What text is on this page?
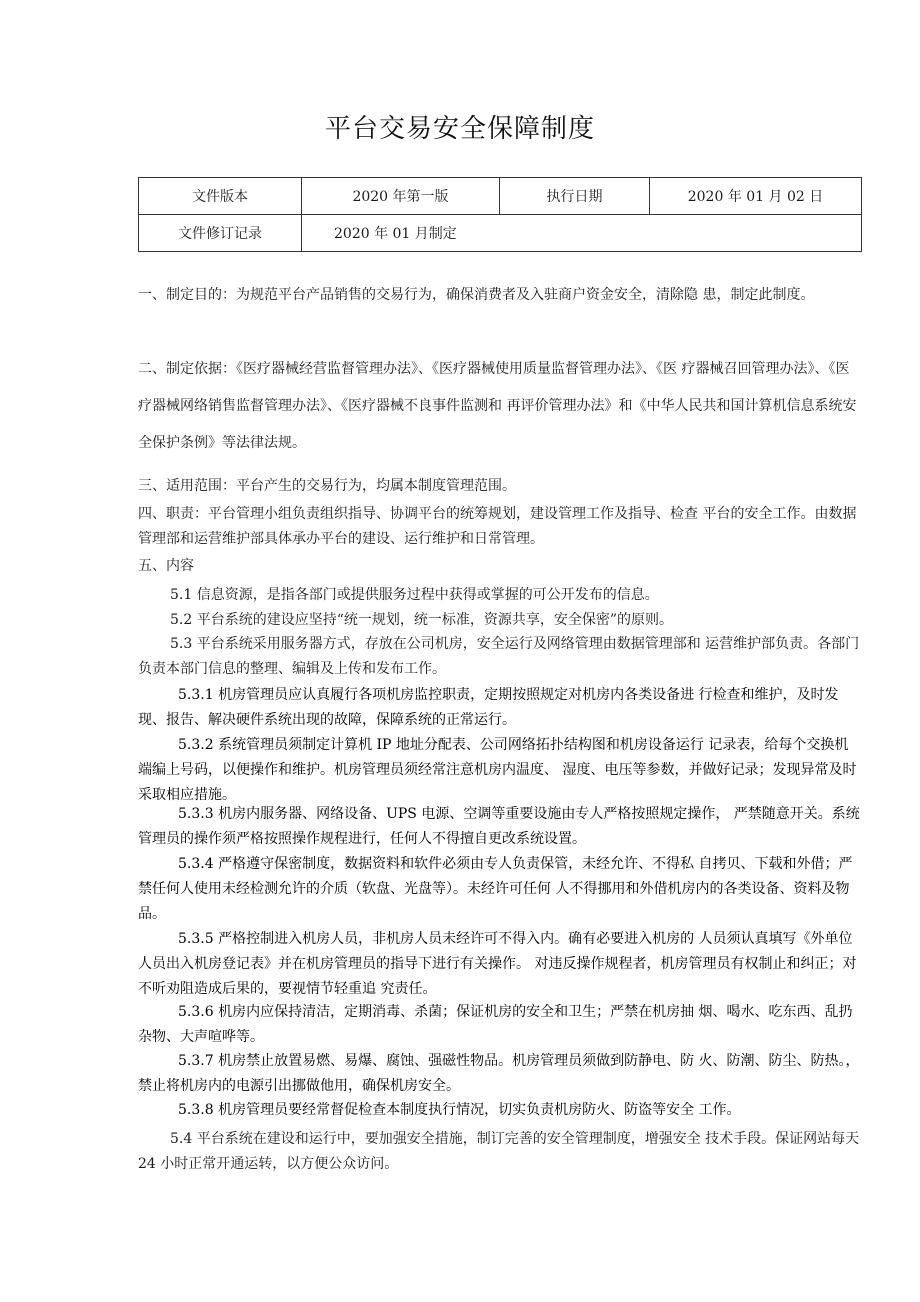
平台交易安全保障制度
文件版本	2020 年第一版	执行日期	2020 年 01 月 02 日
文件修订记录	2020 年 01 月制定		

一、制定目的：为规范平台产品销售的交易行为，确保消费者及入驻商户资金安全，清除隐 患，制定此制度。

二、制定依据：《医疗器械经营监督管理办法》、《医疗器械使用质量监督管理办法》、《医 疗器械召回管理办法》、《医疗器械网络销售监督管理办法》、《医疗器械不良事件监测和 再评价管理办法》和《中华人民共和国计算机信息系统安全保护条例》等法律法规。

三、适用范围：平台产生的交易行为，均属本制度管理范围。

四、职责：平台管理小组负责组织指导、协调平台的统筹规划，建设管理工作及指导、检查 平台的安全工作。由数据管理部和运营维护部具体承办平台的建设、运行维护和日常管理。

五、内容

5.1 信息资源，是指各部门或提供服务过程中获得或掌握的可公开发布的信息。

5.2 平台系统的建设应坚持“统一规划，统一标准，资源共享，安全保密”的原则。

5.3 平台系统采用服务器方式，存放在公司机房，安全运行及网络管理由数据管理部和 运营维护部负责。各部门负责本部门信息的整理、编辑及上传和发布工作。

5.3.1 机房管理员应认真履行各项机房监控职责，定期按照规定对机房内各类设备进 行检查和维护，及时发现、报告、解决硬件系统出现的故障，保障系统的正常运行。

5.3.2 系统管理员须制定计算机 IP 地址分配表、公司网络拓扑结构图和机房设备运行 记录表，给每个交换机端编上号码，以便操作和维护。机房管理员须经常注意机房内温度、 湿度、电压等参数，并做好记录；发现异常及时采取相应措施。

5.3.3 机房内服务器、网络设备、UPS 电源、空调等重要设施由专人严格按照规定操作， 严禁随意开关。系统管理员的操作须严格按照操作规程进行，任何人不得擅自更改系统设置。

5.3.4 严格遵守保密制度，数据资料和软件必须由专人负责保管，未经允许、不得私 自拷贝、下载和外借；严禁任何人使用未经检测允许的介质（软盘、光盘等）。未经许可任何 人不得挪用和外借机房内的各类设备、资料及物品。

5.3.5 严格控制进入机房人员，非机房人员未经许可不得入内。确有必要进入机房的 人员须认真填写《外单位人员出入机房登记表》并在机房管理员的指导下进行有关操作。 对违反操作规程者，机房管理员有权制止和纠正；对不听劝阻造成后果的，要视情节轻重追 究责任。

5.3.6 机房内应保持清洁，定期消毒、杀菌；保证机房的安全和卫生；严禁在机房抽 烟、喝水、吃东西、乱扔杂物、大声喧哗等。

5.3.7 机房禁止放置易燃、易爆、腐蚀、强磁性物品。机房管理员须做到防静电、防 火、防潮、防尘、防热。，禁止将机房内的电源引出挪做他用，确保机房安全。

5.3.8 机房管理员要经常督促检查本制度执行情况，切实负责机房防火、防盗等安全 工作。

5.4 平台系统在建设和运行中，要加强安全措施，制订完善的安全管理制度，增强安全 技术手段。保证网站每天 24 小时正常开通运转，以方便公众访问。
